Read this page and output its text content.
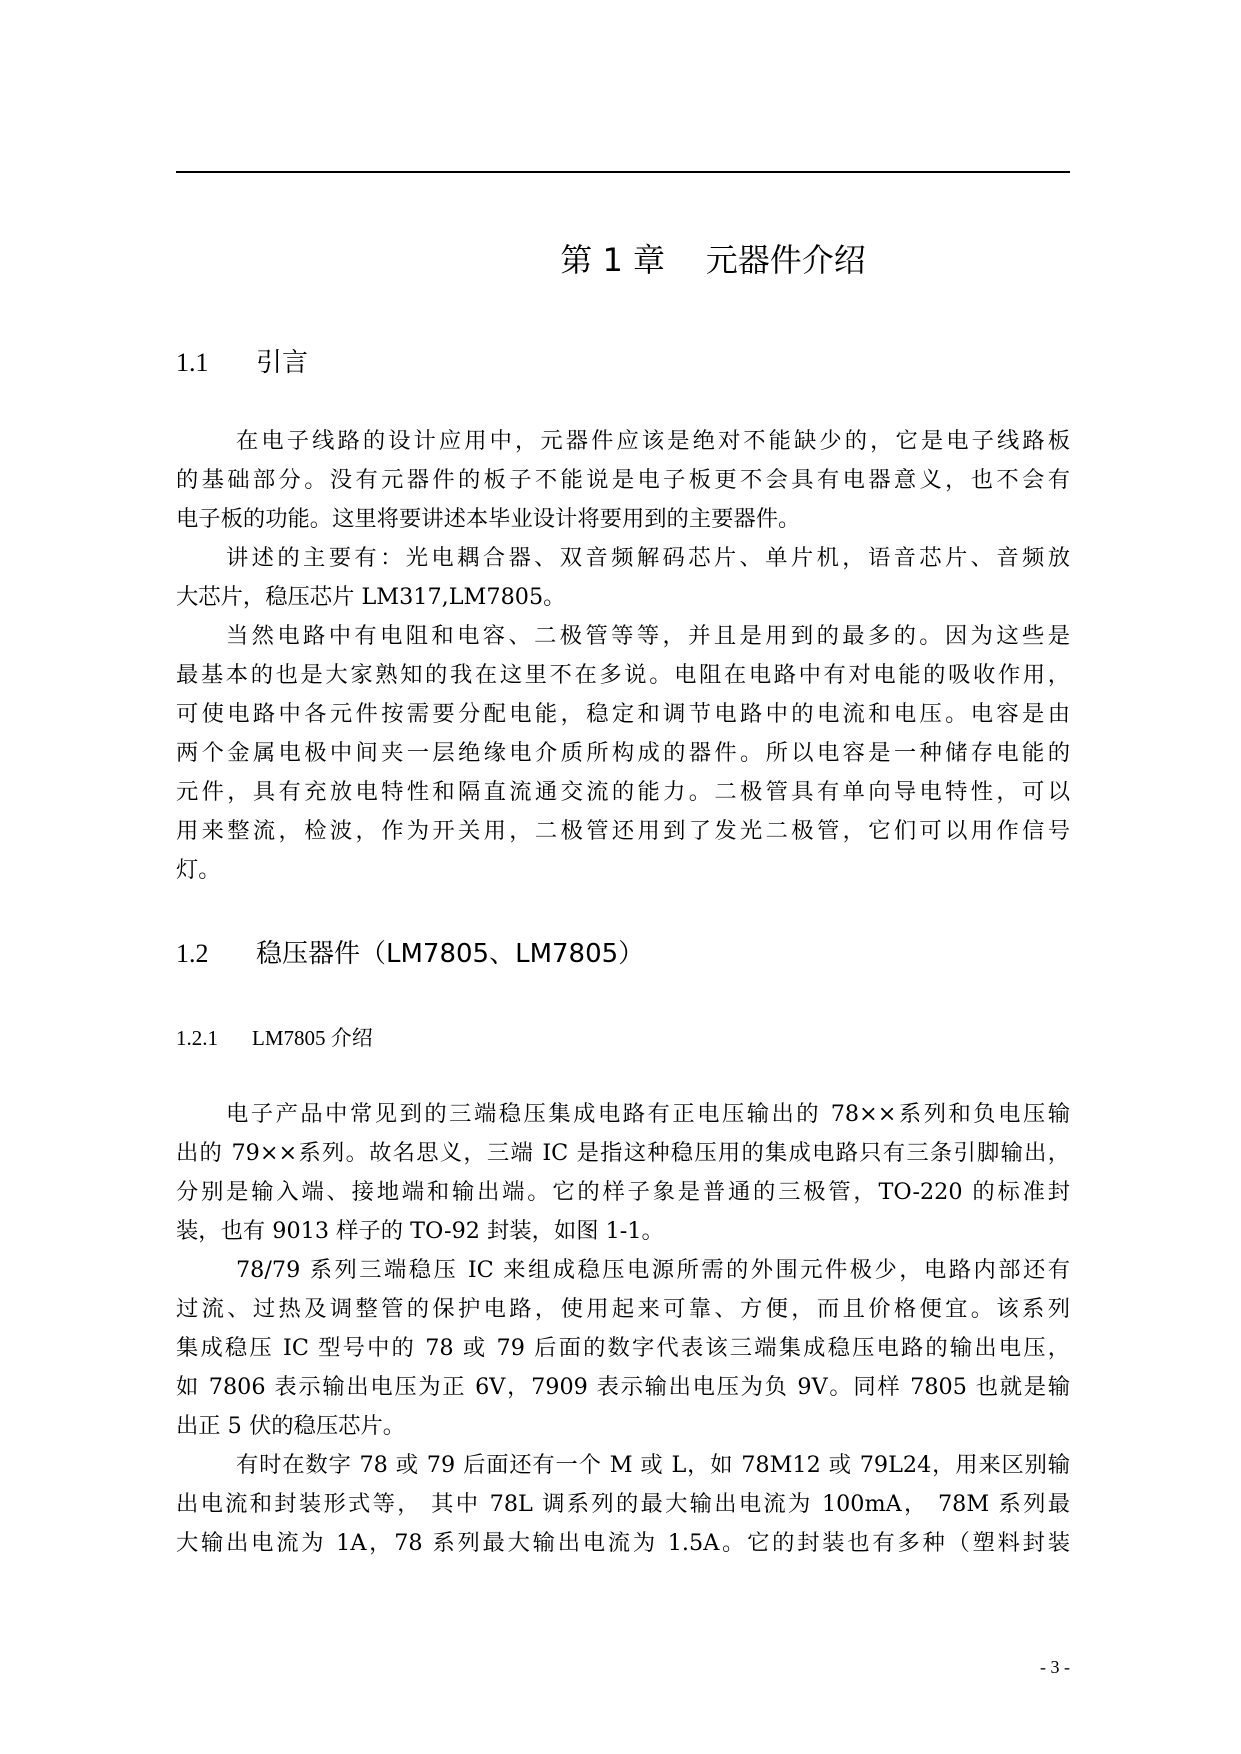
第 1 章    元器件介绍
1.1 引言
在电子线路的设计应用中，元器件应该是绝对不能缺少的，它是电子线路板
的基础部分。没有元器件的板子不能说是电子板更不会具有电器意义，也不会有
电子板的功能。这里将要讲述本毕业设计将要用到的主要器件。
讲述的主要有：光电耦合器、双音频解码芯片、单片机，语音芯片、音频放
大芯片，稳压芯片 LM317,LM7805。
当然电路中有电阻和电容、二极管等等，并且是用到的最多的。因为这些是
最基本的也是大家熟知的我在这里不在多说。电阻在电路中有对电能的吸收作用，
可使电路中各元件按需要分配电能，稳定和调节电路中的电流和电压。电容是由
两个金属电极中间夹一层绝缘电介质所构成的器件。所以电容是一种储存电能的
元件，具有充放电特性和隔直流通交流的能力。二极管具有单向导电特性，可以
用来整流，检波，作为开关用，二极管还用到了发光二极管，它们可以用作信号
灯。
1.2 稳压器件（LM7805、LM7805）
1.2.1 LM7805 介绍
电子产品中常见到的三端稳压集成电路有正电压输出的 78××系列和负电压输
出的 79××系列。故名思义，三端 IC 是指这种稳压用的集成电路只有三条引脚输出，
分别是输入端、接地端和输出端。它的样子象是普通的三极管，TO-220 的标准封
装，也有 9013 样子的 TO-92 封装，如图 1-1。
78/79 系列三端稳压 IC 来组成稳压电源所需的外围元件极少，电路内部还有
过流、过热及调整管的保护电路，使用起来可靠、方便，而且价格便宜。该系列
集成稳压 IC 型号中的 78 或 79 后面的数字代表该三端集成稳压电路的输出电压，
如 7806 表示输出电压为正 6V，7909 表示输出电压为负 9V。同样 7805 也就是输
出正 5 伏的稳压芯片。
有时在数字 78 或 79 后面还有一个 M 或 L，如 78M12 或 79L24，用来区别输
出电流和封装形式等， 其中 78L 调系列的最大输出电流为 100mA， 78M 系列最
大输出电流为 1A，78 系列最大输出电流为 1.5A。它的封装也有多种（塑料封装
- 3 -
